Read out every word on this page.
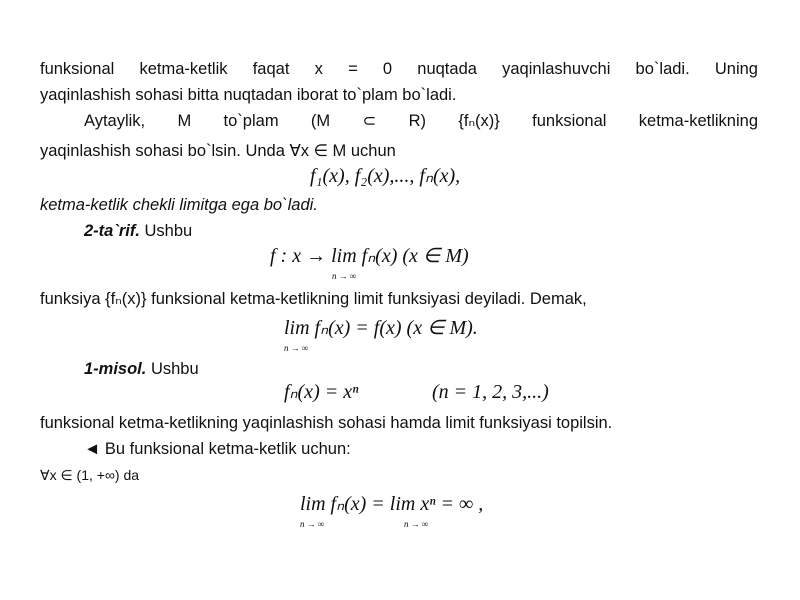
funksional ketma-ketlik faqat x = 0 nuqtada yaqinlashuvchi bo`ladi. Uning
yaqinlashish sohasi bitta nuqtadan iborat to`plam bo`ladi.
Aytaylik, M to`plam (M ⊂ R) {fₙ(x)} funksional ketma-ketlikning
yaqinlashish sohasi bo`lsin. Unda ∀x ∈ M uchun
f₁(x), f₂(x),..., fₙ(x),
ketma-ketlik chekli limitga ega bo`ladi.
2-ta`rif. Ushbu
f : x → lim fₙ(x) (x ∈ M)
n → ∞
funksiya {fₙ(x)} funksional ketma-ketlikning limit funksiyasi deyiladi. Demak,
lim fₙ(x) = f(x) (x ∈ M).
n → ∞
1-misol. Ushbu
fₙ(x) = xⁿ	(n = 1, 2, 3,...)
funksional ketma-ketlikning yaqinlashish sohasi hamda limit funksiyasi topilsin.
◄ Bu funksional ketma-ketlik uchun:
∀x ∈ (1, +∞) da
lim fₙ(x) = lim xⁿ = ∞ ,
n → ∞	n → ∞
